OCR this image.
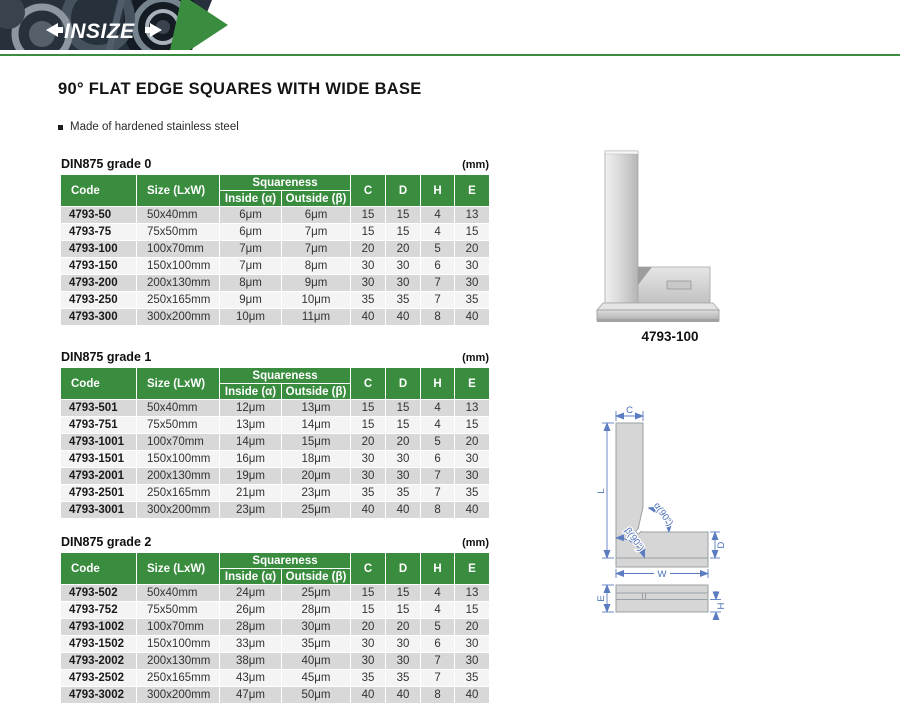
INSIZE
90° FLAT EDGE SQUARES WITH WIDE BASE
Made of hardened stainless steel
DIN875 grade 0	(mm)
Code	Size (LxW)	Squareness		C	D	H	E
		Inside (α)	Outside (β)				
4793-50	50x40mm	6μm	6μm	15	15	4	13
4793-75	75x50mm	6μm	7μm	15	15	4	15
4793-100	100x70mm	7μm	7μm	20	20	5	20
4793-150	150x100mm	7μm	8μm	30	30	6	30
4793-200	200x130mm	8μm	9μm	30	30	7	30
4793-250	250x165mm	9μm	10μm	35	35	7	35
4793-300	300x200mm	10μm	11μm	40	40	8	40
DIN875 grade 1	(mm)
Code	Size (LxW)	Squareness		C	D	H	E
		Inside (α)	Outside (β)				
4793-501	50x40mm	12μm	13μm	15	15	4	13
4793-751	75x50mm	13μm	14μm	15	15	4	15
4793-1001	100x70mm	14μm	15μm	20	20	5	20
4793-1501	150x100mm	16μm	18μm	30	30	6	30
4793-2001	200x130mm	19μm	20μm	30	30	7	30
4793-2501	250x165mm	21μm	23μm	35	35	7	35
4793-3001	300x200mm	23μm	25μm	40	40	8	40
DIN875 grade 2	(mm)
Code	Size (LxW)	Squareness		C	D	H	E
		Inside (α)	Outside (β)				
4793-502	50x40mm	24μm	25μm	15	15	4	13
4793-752	75x50mm	26μm	28μm	15	15	4	15
4793-1002	100x70mm	28μm	30μm	20	20	5	20
4793-1502	150x100mm	33μm	35μm	30	30	6	30
4793-2002	200x130mm	38μm	40μm	30	30	7	30
4793-2502	250x165mm	43μm	45μm	35	35	7	35
4793-3002	300x200mm	47μm	50μm	40	40	8	40
4793-100
C
L
W
D
α(90°)
β(90°)
E
H
